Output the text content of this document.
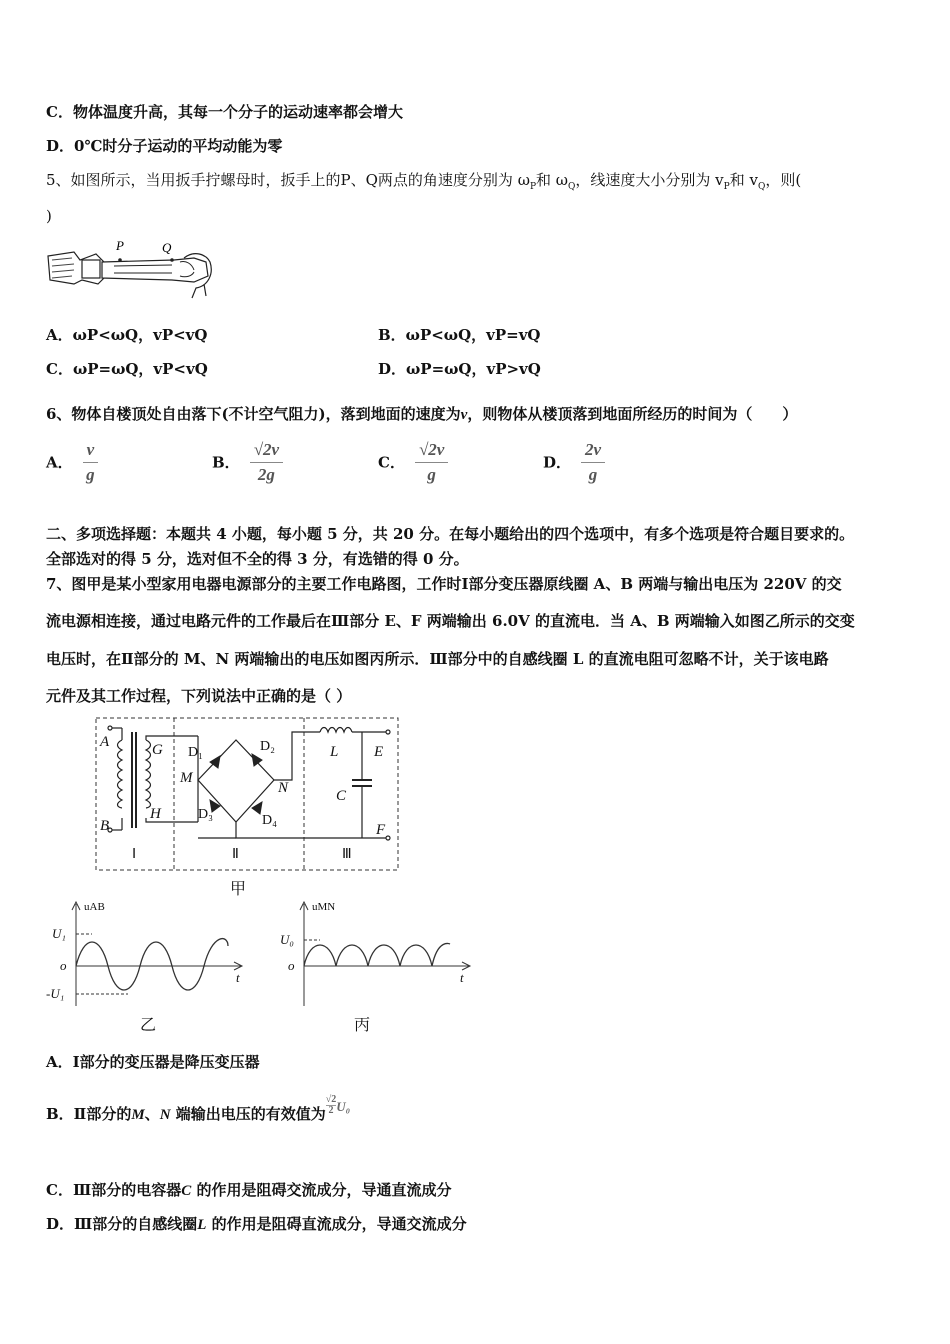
C．物体温度升高，其每一个分子的运动速率都会增大
D．0℃时分子运动的平均动能为零
5、如图所示，当用扳手拧螺母时，扳手上的P、Q两点的角速度分别为 $\omega_P$和 $\omega_Q$，线速度大小分别为 $v_P$和 $v_Q$，则(
)
P	Q
A．ωP<ωQ，vP<vQ	B．ωP<ωQ，vP=vQ
C．ωP=ωQ，vP<vQ	D．ωP=ωQ，vP>vQ
6、物体自楼顶处自由落下(不计空气阻力)，落到地面的速度为v，则物体从楼顶落到地面所经历的时间为（　　）
A． $\frac{v}{g}$	B． $\frac{√2v}{2g}$	C． $\frac{√2v}{g}$	D． $\frac{2v}{g}$
二、多项选择题：本题共 4 小题，每小题 5 分，共 20 分。在每小题给出的四个选项中，有多个选项是符合题目要求的。
全部选对的得 5 分，选对但不全的得 3 分，有选错的得 0 分。
7、图甲是某小型家用电器电源部分的主要工作电路图，工作时Ⅰ部分变压器原线圈 A、B 两端与输出电压为 220V 的交
流电源相连接，通过电路元件的工作最后在Ⅲ部分 E、F 两端输出 6.0V 的直流电．当 A、B 两端输入如图乙所示的交变
电压时，在Ⅱ部分的 M、N 两端输出的电压如图丙所示．Ⅲ部分中的自感线圈 L 的直流电阻可忽略不计，关于该电路
元件及其工作过程，下列说法中正确的是（ ）
A
B
G
H
M
N
L
C
E
F
D₁	D₂
D₃	D₄
Ⅰ	Ⅱ	Ⅲ
甲
uAB
U₁
-U₁
o
t
乙
uMN
U₀
o
t
丙
A．Ⅰ部分的变压器是降压变压器
B．Ⅱ部分的M、N 端输出电压的有效值为 $\frac{√2}{2} U_0$
C．Ⅲ部分的电容器C 的作用是阻碍交流成分，导通直流成分
D．Ⅲ部分的自感线圈L 的作用是阻碍直流成分，导通交流成分
